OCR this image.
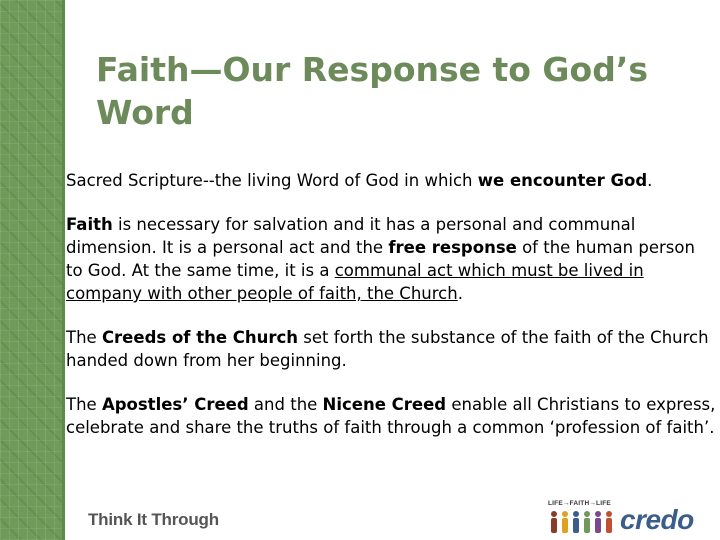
Faith—Our Response to God’s Word

Sacred Scripture--the living Word of God in which we encounter God.

Faith is necessary for salvation and it has a personal and communal dimension. It is a personal act and the free response of the human person to God. At the same time, it is a communal act which must be lived in company with other people of faith, the Church.

The Creeds of the Church set forth the substance of the faith of the Church handed down from her beginning.

The Apostles’ Creed and the Nicene Creed enable all Christians to express, celebrate and share the truths of faith through a common ‘profession of faith’.

Think It Through
LIFE→FAITH→LIFE
credo
